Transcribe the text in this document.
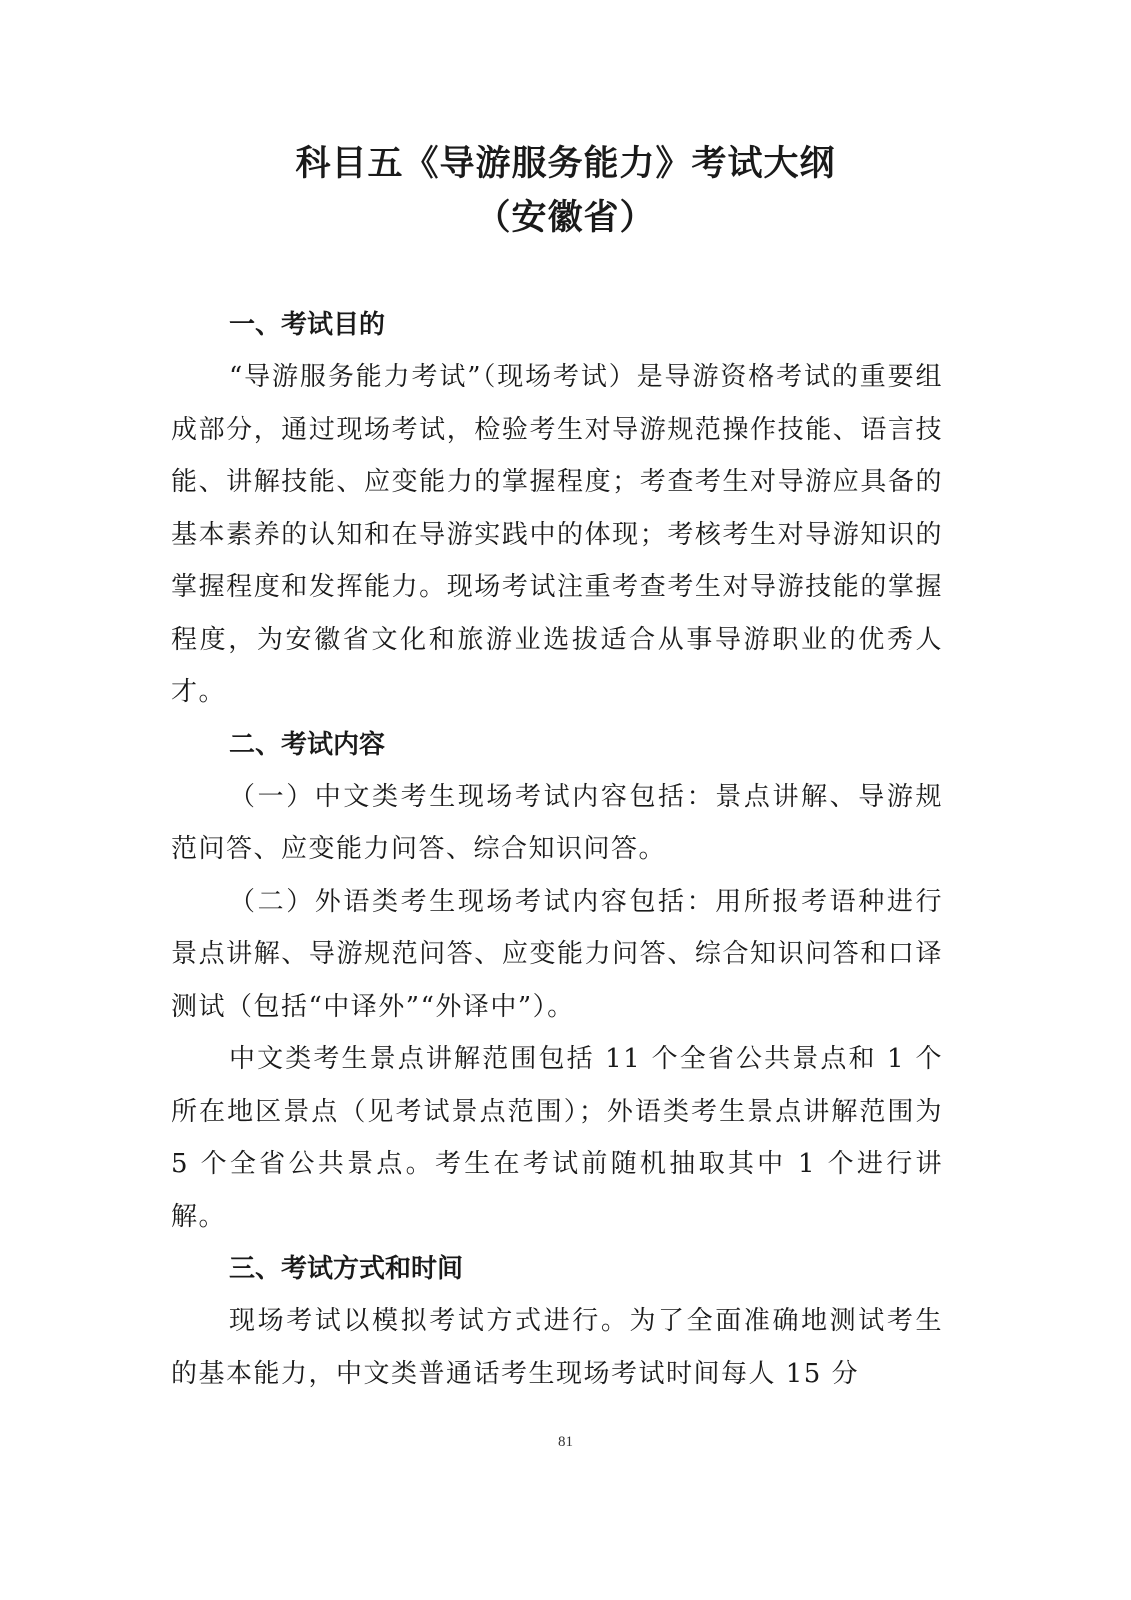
科目五《导游服务能力》考试大纲
（安徽省）

一、考试目的

“导游服务能力考试”（现场考试）是导游资格考试的重要组成部分，通过现场考试，检验考生对导游规范操作技能、语言技能、讲解技能、应变能力的掌握程度；考查考生对导游应具备的基本素养的认知和在导游实践中的体现；考核考生对导游知识的掌握程度和发挥能力。现场考试注重考查考生对导游技能的掌握程度，为安徽省文化和旅游业选拔适合从事导游职业的优秀人才。

二、考试内容

（一）中文类考生现场考试内容包括：景点讲解、导游规范问答、应变能力问答、综合知识问答。

（二）外语类考生现场考试内容包括：用所报考语种进行景点讲解、导游规范问答、应变能力问答、综合知识问答和口译测试（包括“中译外”“外译中”）。

中文类考生景点讲解范围包括 11 个全省公共景点和 1 个所在地区景点（见考试景点范围）；外语类考生景点讲解范围为 5 个全省公共景点。考生在考试前随机抽取其中 1 个进行讲解。

三、考试方式和时间

现场考试以模拟考试方式进行。为了全面准确地测试考生的基本能力，中文类普通话考生现场考试时间每人 15 分

81
